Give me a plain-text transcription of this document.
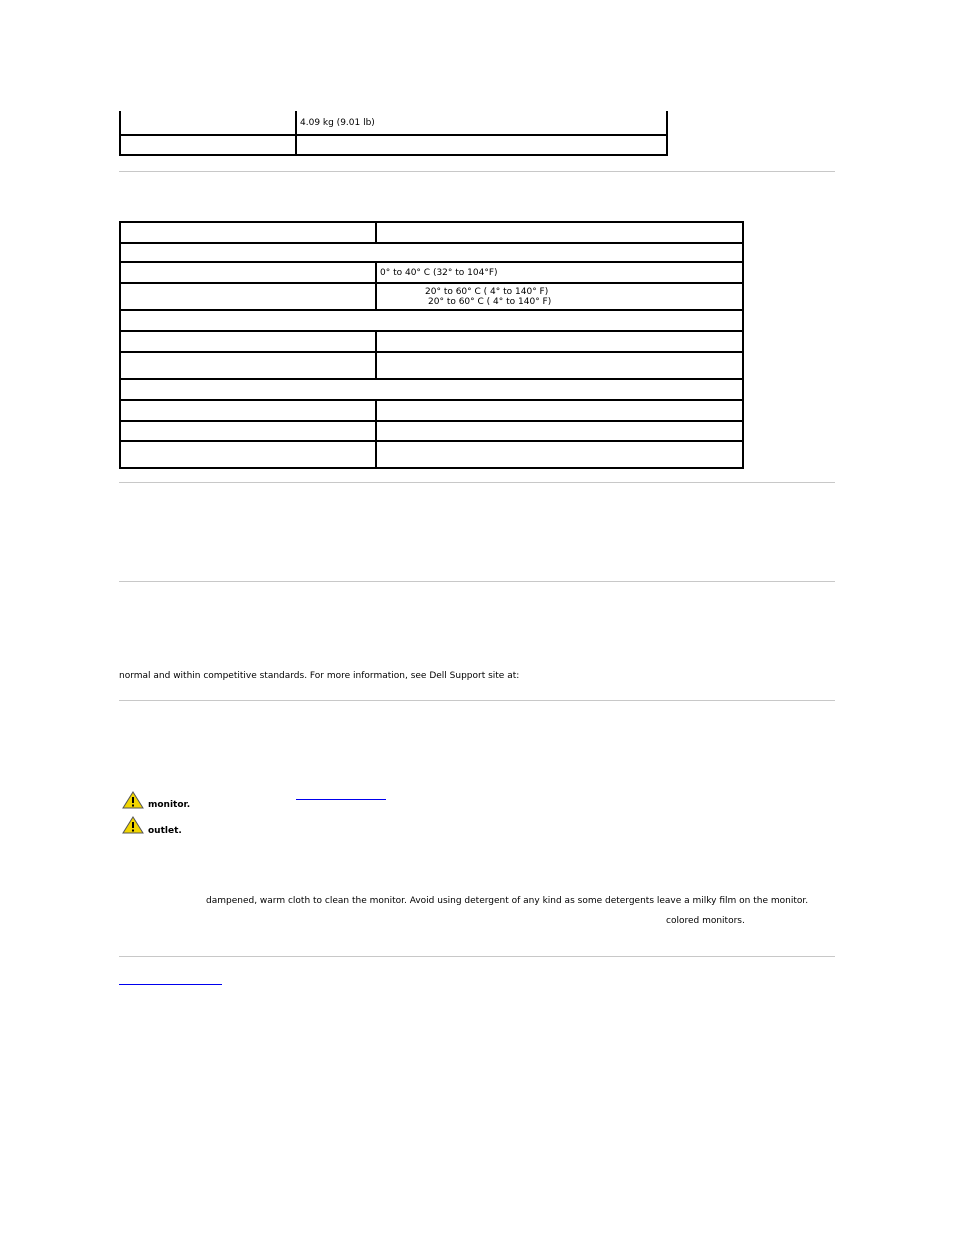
	4.09 kg (9.01 lb)

	0° to 40° C (32° to 104°F)

	20° to 60° C ( 4° to 140° F)
20° to 60° C ( 4° to 140° F)

normal and within competitive standards. For more information, see Dell Support site at:
monitor.
outlet.
dampened, warm cloth to clean the monitor. Avoid using detergent of any kind as some detergents leave a milky film on the monitor.
colored monitors.
